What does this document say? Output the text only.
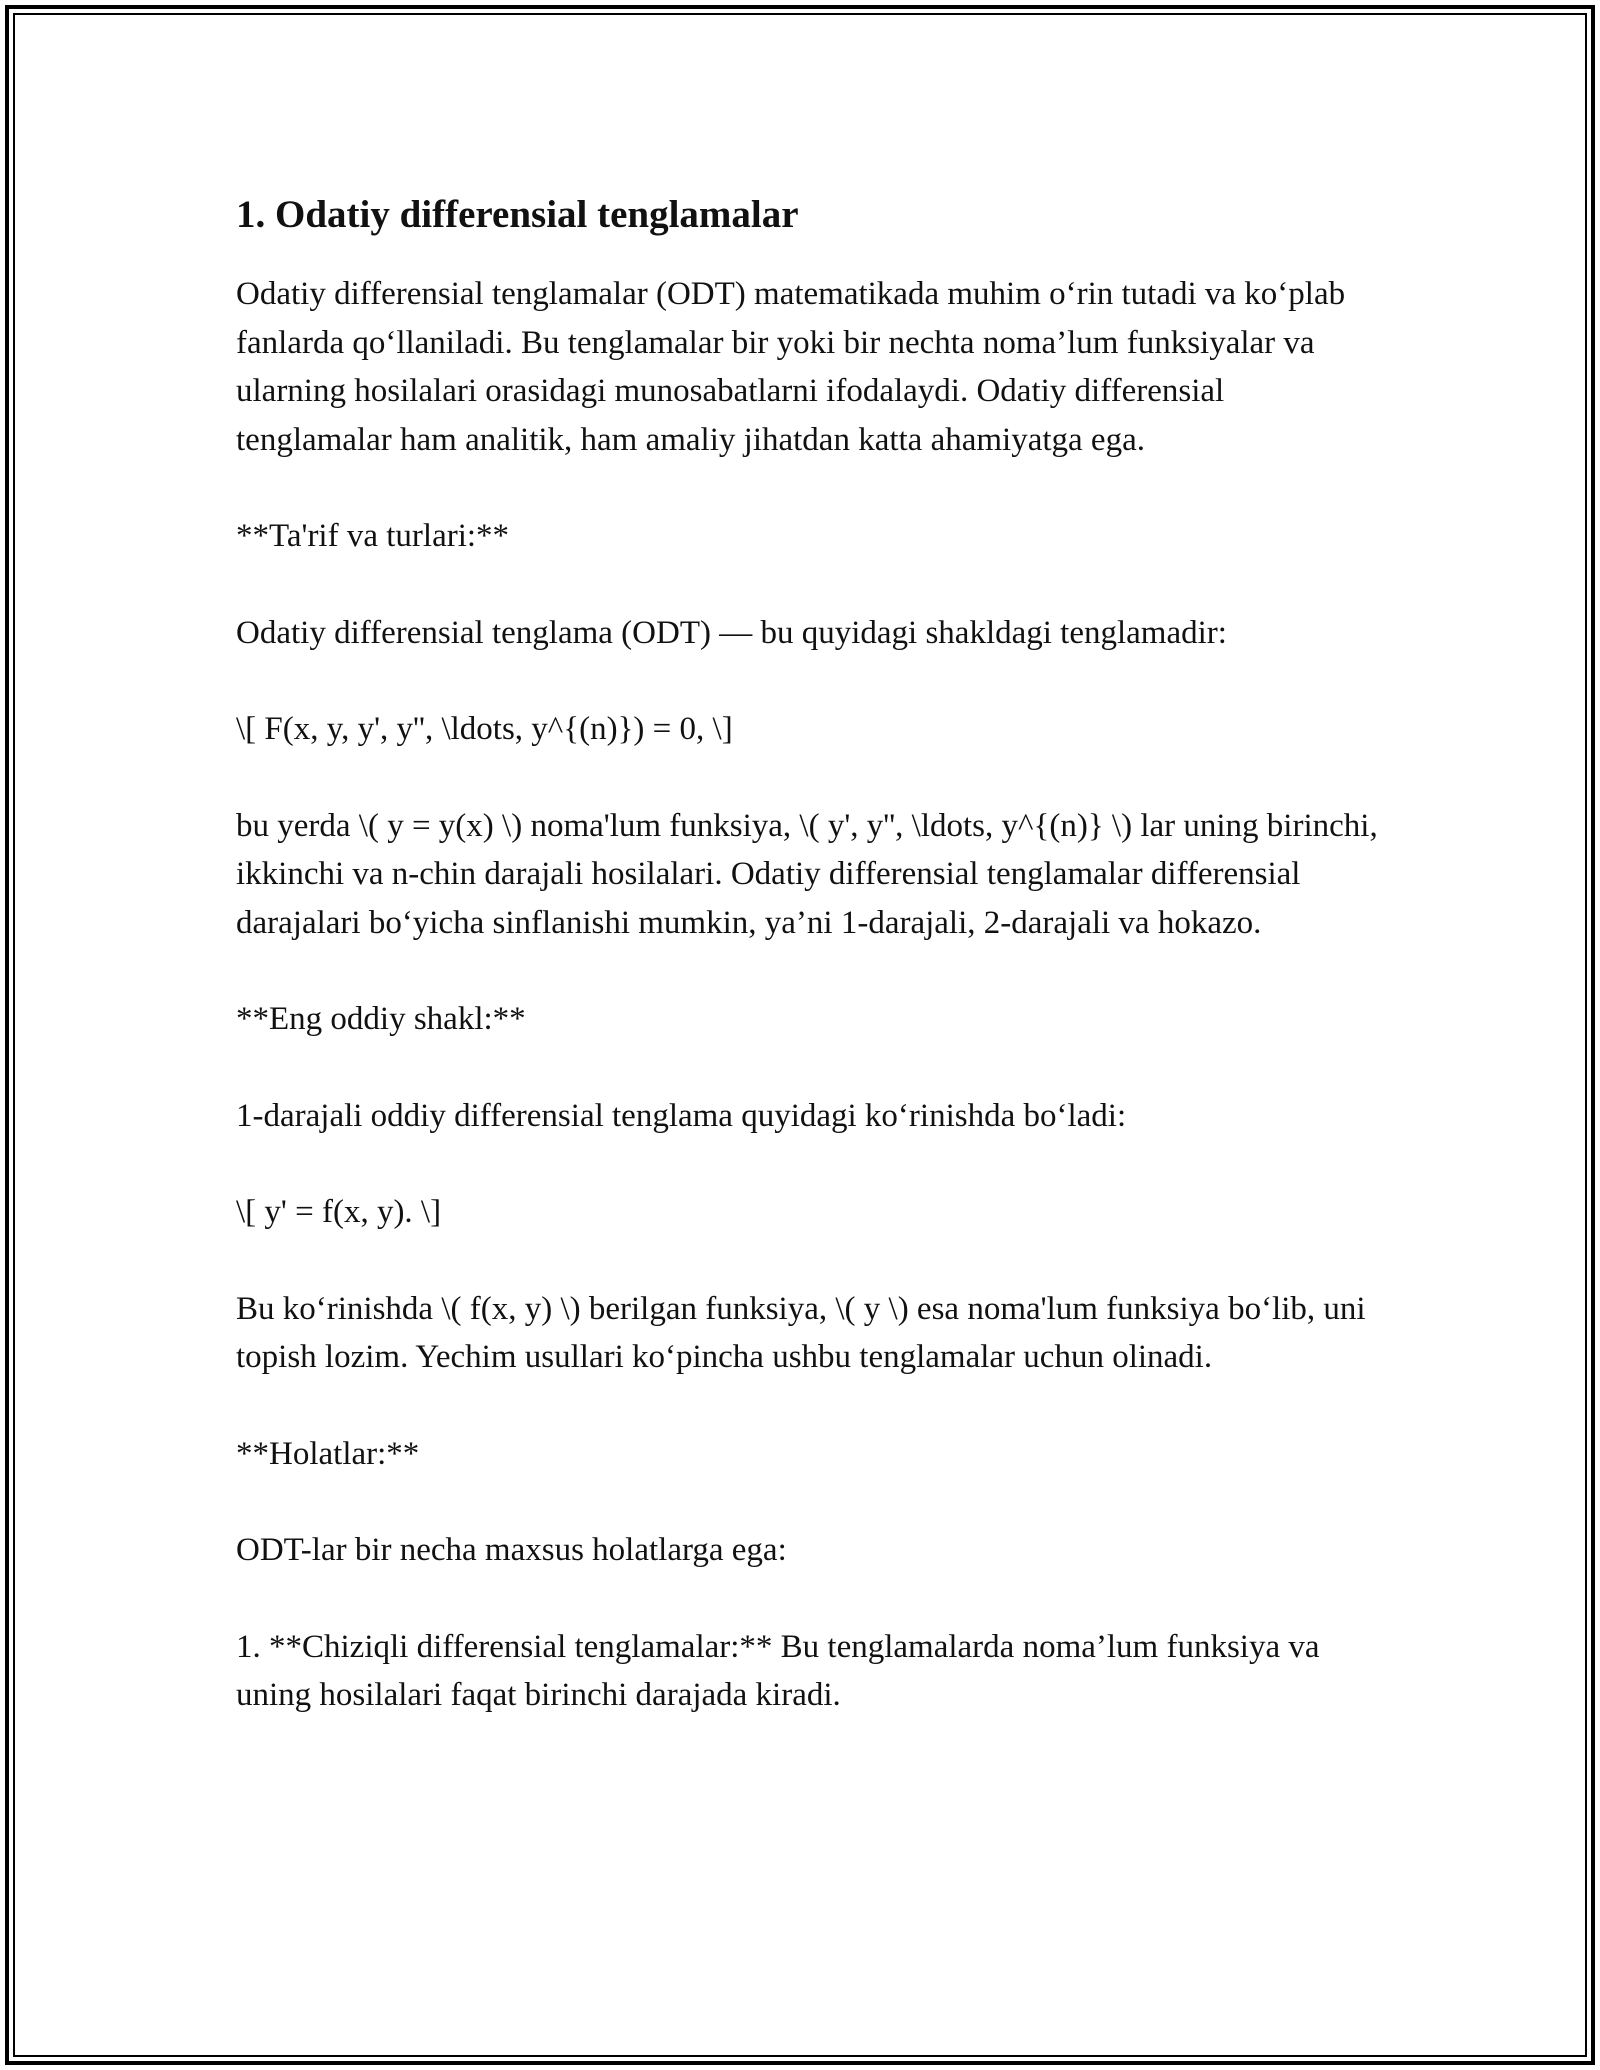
1. Odatiy differensial tenglamalar

Odatiy differensial tenglamalar (ODT) matematikada muhim o‘rin tutadi va ko‘plab fanlarda qo‘llaniladi. Bu tenglamalar bir yoki bir nechta noma’lum funksiyalar va ularning hosilalari orasidagi munosabatlarni ifodalaydi. Odatiy differensial tenglamalar ham analitik, ham amaliy jihatdan katta ahamiyatga ega.

**Ta'rif va turlari:**

Odatiy differensial tenglama (ODT) — bu quyidagi shakldagi tenglamadir:

\[ F(x, y, y', y'', \ldots, y^{(n)}) = 0, \]

bu yerda \( y = y(x) \) noma'lum funksiya, \( y', y'', \ldots, y^{(n)} \) lar uning birinchi, ikkinchi va n-chin darajali hosilalari. Odatiy differensial tenglamalar differensial darajalari bo‘yicha sinflanishi mumkin, ya’ni 1-darajali, 2-darajali va hokazo.

**Eng oddiy shakl:**

1-darajali oddiy differensial tenglama quyidagi ko‘rinishda bo‘ladi:

\[ y' = f(x, y). \]

Bu ko‘rinishda \( f(x, y) \) berilgan funksiya, \( y \) esa noma'lum funksiya bo‘lib, uni topish lozim. Yechim usullari ko‘pincha ushbu tenglamalar uchun olinadi.

**Holatlar:**

ODT-lar bir necha maxsus holatlarga ega:

1. **Chiziqli differensial tenglamalar:** Bu tenglamalarda noma’lum funksiya va uning hosilalari faqat birinchi darajada kiradi.
